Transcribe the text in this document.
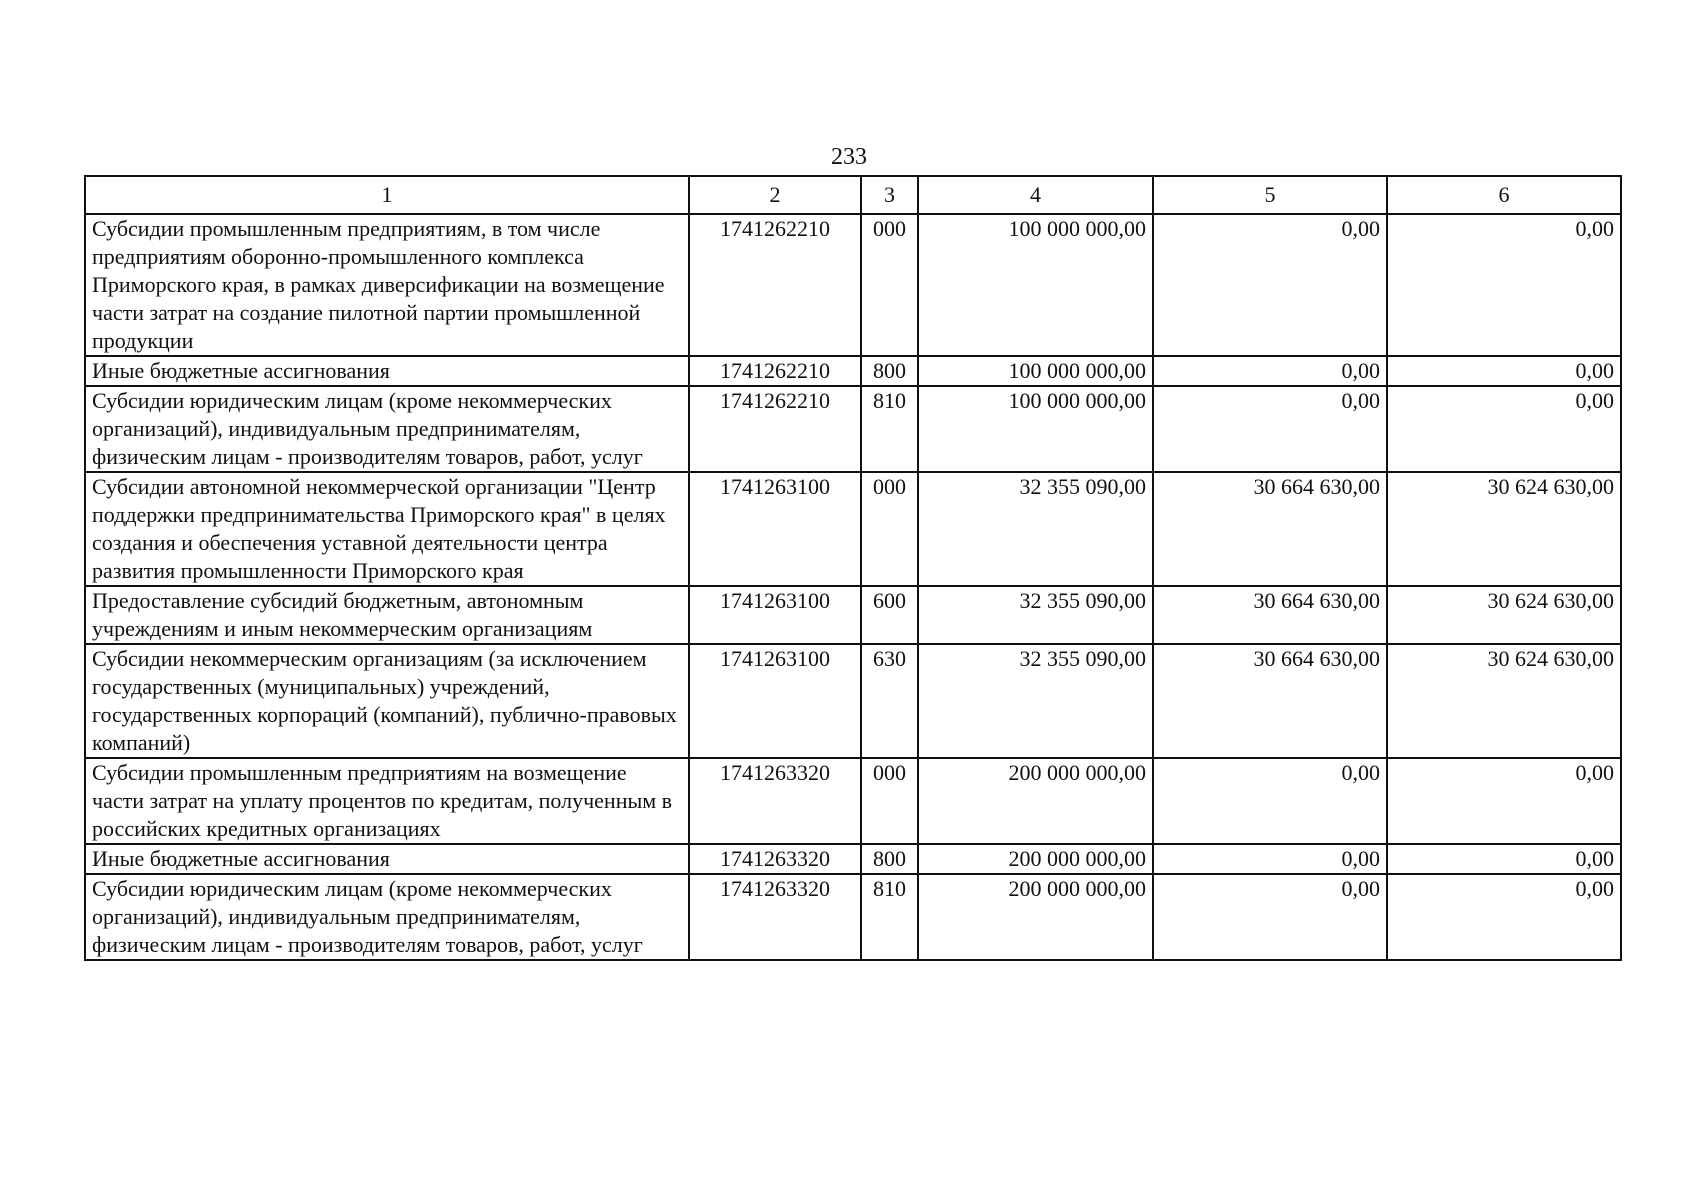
233
1	2	3	4	5	6
Субсидии промышленным предприятиям, в том числе предприятиям оборонно-промышленного комплекса Приморского края, в рамках диверсификации на возмещение части затрат на создание пилотной партии промышленной продукции	1741262210	000	100 000 000,00	0,00	0,00
Иные бюджетные ассигнования	1741262210	800	100 000 000,00	0,00	0,00
Субсидии юридическим лицам (кроме некоммерческих организаций), индивидуальным предпринимателям, физическим лицам - производителям товаров, работ, услуг	1741262210	810	100 000 000,00	0,00	0,00
Субсидии автономной некоммерческой организации "Центр поддержки предпринимательства Приморского края" в целях создания и обеспечения уставной деятельности центра развития промышленности Приморского края	1741263100	000	32 355 090,00	30 664 630,00	30 624 630,00
Предоставление субсидий бюджетным, автономным учреждениям и иным некоммерческим организациям	1741263100	600	32 355 090,00	30 664 630,00	30 624 630,00
Субсидии некоммерческим организациям (за исключением государственных (муниципальных) учреждений, государственных корпораций (компаний), публично-правовых компаний)	1741263100	630	32 355 090,00	30 664 630,00	30 624 630,00
Субсидии промышленным предприятиям на возмещение части затрат на уплату процентов по кредитам, полученным в российских кредитных организациях	1741263320	000	200 000 000,00	0,00	0,00
Иные бюджетные ассигнования	1741263320	800	200 000 000,00	0,00	0,00
Субсидии юридическим лицам (кроме некоммерческих организаций), индивидуальным предпринимателям, физическим лицам - производителям товаров, работ, услуг	1741263320	810	200 000 000,00	0,00	0,00
